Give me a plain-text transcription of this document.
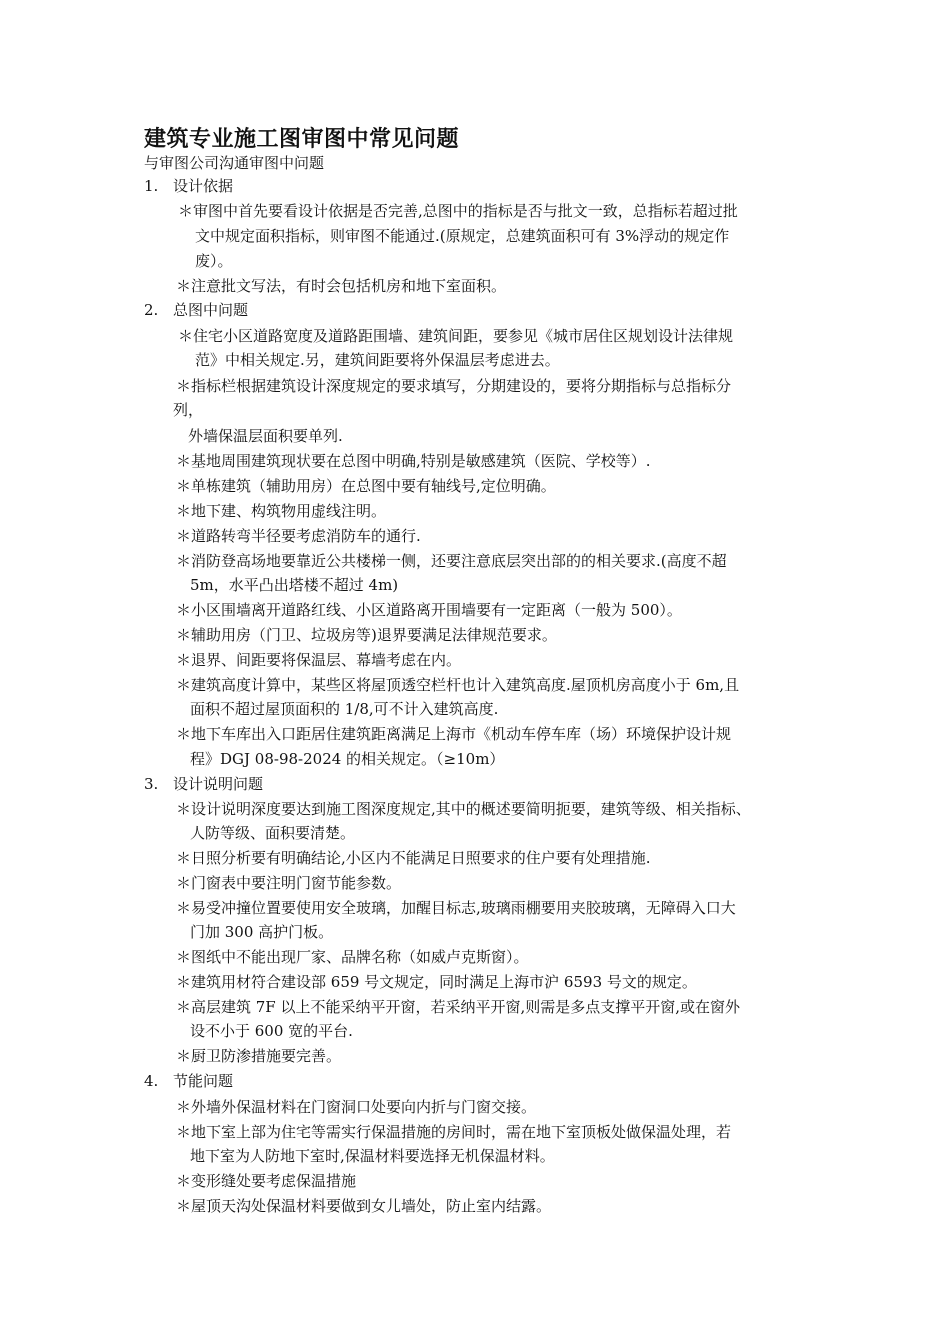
建筑专业施工图审图中常见问题
与审图公司沟通审图中问题
1. 设计依据
＊审图中首先要看设计依据是否完善,总图中的指标是否与批文一致，总指标若超过批
文中规定面积指标，则审图不能通过.(原规定，总建筑面积可有 3%浮动的规定作
废）。
＊注意批文写法，有时会包括机房和地下室面积。
2. 总图中问题
＊住宅小区道路宽度及道路距围墙、建筑间距，要参见《城市居住区规划设计法律规
范》中相关规定.另，建筑间距要将外保温层考虑进去。
＊指标栏根据建筑设计深度规定的要求填写，分期建设的，要将分期指标与总指标分
列，
外墙保温层面积要单列.
＊基地周围建筑现状要在总图中明确,特别是敏感建筑（医院、学校等）.
＊单栋建筑（辅助用房）在总图中要有轴线号,定位明确。
＊地下建、构筑物用虚线注明。
＊道路转弯半径要考虑消防车的通行.
＊消防登高场地要靠近公共楼梯一侧，还要注意底层突出部的的相关要求.(高度不超
5m，水平凸出塔楼不超过 4m)
＊小区围墙离开道路红线、小区道路离开围墙要有一定距离（一般为 500）。
＊辅助用房（门卫、垃圾房等)退界要满足法律规范要求。
＊退界、间距要将保温层、幕墙考虑在内。
＊建筑高度计算中，某些区将屋顶透空栏杆也计入建筑高度.屋顶机房高度小于 6m,且
面积不超过屋顶面积的 1/8,可不计入建筑高度.
＊地下车库出入口距居住建筑距离满足上海市《机动车停车库（场）环境保护设计规
程》DGJ 08-98-2024 的相关规定。（≥10m）
3. 设计说明问题
＊设计说明深度要达到施工图深度规定,其中的概述要简明扼要，建筑等级、相关指标、
人防等级、面积要清楚。
＊日照分析要有明确结论,小区内不能满足日照要求的住户要有处理措施.
＊门窗表中要注明门窗节能参数。
＊易受冲撞位置要使用安全玻璃，加醒目标志,玻璃雨棚要用夹胶玻璃，无障碍入口大
门加 300 高护门板。
＊图纸中不能出现厂家、品牌名称（如威卢克斯窗）。
＊建筑用材符合建设部 659 号文规定，同时满足上海市沪 6593 号文的规定。
＊高层建筑 7F 以上不能采纳平开窗，若采纳平开窗,则需是多点支撑平开窗,或在窗外
设不小于 600 宽的平台.
＊厨卫防渗措施要完善。
4. 节能问题
＊外墙外保温材料在门窗洞口处要向内折与门窗交接。
＊地下室上部为住宅等需实行保温措施的房间时，需在地下室顶板处做保温处理，若
地下室为人防地下室时,保温材料要选择无机保温材料。
＊变形缝处要考虑保温措施
＊屋顶天沟处保温材料要做到女儿墙处，防止室内结露。
